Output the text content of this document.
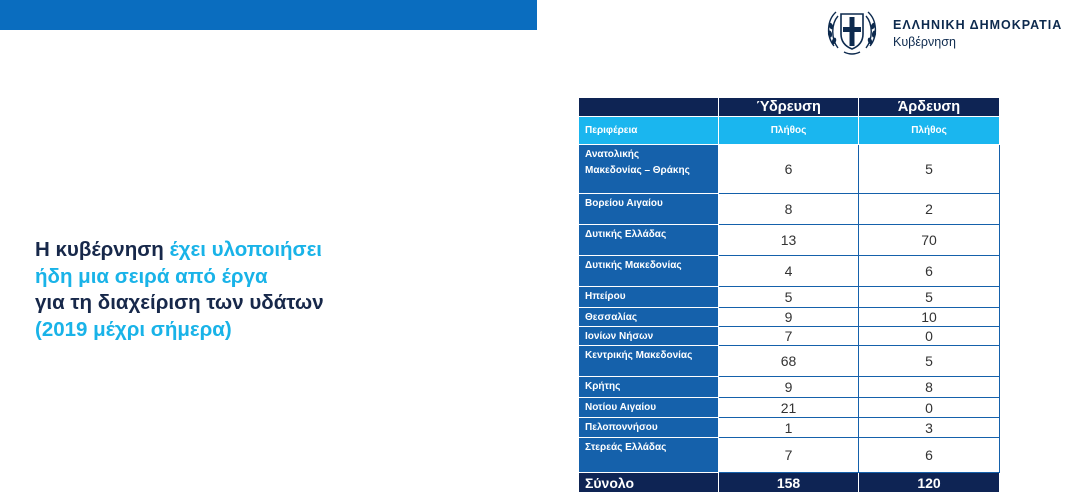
ΕΛΛΗΝΙΚΗ ΔΗΜΟΚΡΑΤΙΑ
Κυβέρνηση
Η κυβέρνηση έχει υλοποιήσει
ήδη μια σειρά από έργα
για τη διαχείριση των υδάτων
(2019 μέχρι σήμερα)
	Ύδρευση	Άρδευση
Περιφέρεια	Πλήθος	Πλήθος
Ανατολικής
Μακεδονίας – Θράκης	6	5
Βορείου Αιγαίου	8	2
Δυτικής Ελλάδας	13	70
Δυτικής Μακεδονίας	4	6
Ηπείρου	5	5
Θεσσαλίας	9	10
Ιονίων Νήσων	7	0
Κεντρικής Μακεδονίας	68	5
Κρήτης	9	8
Νοτίου Αιγαίου	21	0
Πελοποννήσου	1	3
Στερεάς Ελλάδας	7	6
Σύνολο	158	120
